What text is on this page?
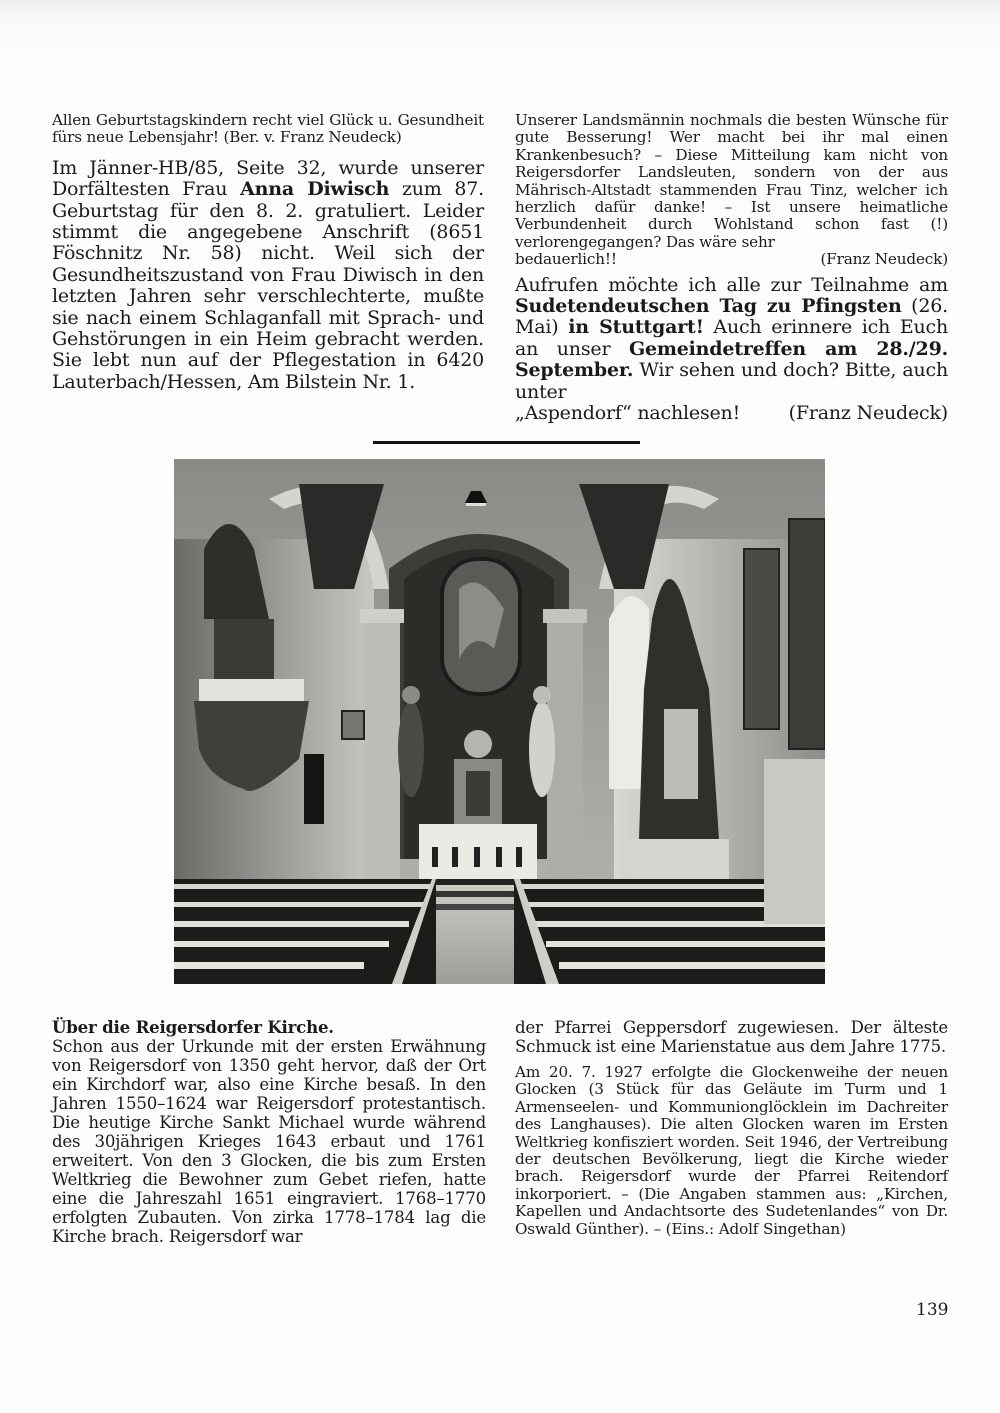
Allen Geburtstagskindern recht viel Glück u. Gesundheit fürs neue Lebensjahr! (Ber. v. Franz Neudeck)

Im Jänner-HB/85, Seite 32, wurde unserer Dorfältesten Frau Anna Diwisch zum 87. Geburtstag für den 8. 2. gratuliert. Leider stimmt die angegebene Anschrift (8651 Föschnitz Nr. 58) nicht. Weil sich der Gesundheitszustand von Frau Diwisch in den letzten Jahren sehr verschlechterte, mußte sie nach einem Schlaganfall mit Sprach- und Gehstörungen in ein Heim gebracht werden. Sie lebt nun auf der Pflegestation in 6420 Lauterbach/Hessen, Am Bilstein Nr. 1.

Unserer Landsmännin nochmals die besten Wünsche für gute Besserung! Wer macht bei ihr mal einen Krankenbesuch? – Diese Mitteilung kam nicht von Reigersdorfer Landsleuten, sondern von der aus Mährisch-Altstadt stammenden Frau Tinz, welcher ich herzlich dafür danke! – Ist unsere heimatliche Verbundenheit durch Wohlstand schon fast (!) verlorengegangen? Das wäre sehr

bedauerlich!!	(Franz Neudeck)

Aufrufen möchte ich alle zur Teilnahme am Sudetendeutschen Tag zu Pfingsten (26. Mai) in Stuttgart! Auch erinnere ich Euch an unser Gemeindetreffen am 28./29. September. Wir sehen und doch? Bitte, auch unter

„Aspendorf“ nachlesen!	(Franz Neudeck)

Über die Reigersdorfer Kirche.

Schon aus der Urkunde mit der ersten Erwähnung von Reigersdorf von 1350 geht hervor, daß der Ort ein Kirchdorf war, also eine Kirche besaß. In den Jahren 1550–1624 war Reigersdorf protestantisch. Die heutige Kirche Sankt Michael wurde während des 30jährigen Krieges 1643 erbaut und 1761 erweitert. Von den 3 Glocken, die bis zum Ersten Weltkrieg die Bewohner zum Gebet riefen, hatte eine die Jahreszahl 1651 eingraviert. 1768–1770 erfolgten Zubauten. Von zirka 1778–1784 lag die Kirche brach. Reigersdorf war

der Pfarrei Geppersdorf zugewiesen. Der älteste Schmuck ist eine Marienstatue aus dem Jahre 1775.

Am 20. 7. 1927 erfolgte die Glockenweihe der neuen Glocken (3 Stück für das Geläute im Turm und 1 Armenseelen- und Kommunionglöcklein im Dachreiter des Langhauses). Die alten Glocken waren im Ersten Weltkrieg konfisziert worden. Seit 1946, der Vertreibung der deutschen Bevölkerung, liegt die Kirche wieder brach. Reigersdorf wurde der Pfarrei Reitendorf inkorporiert. – (Die Angaben stammen aus: „Kirchen, Kapellen und Andachtsorte des Sudetenlandes“ von Dr. Oswald Günther). – (Eins.: Adolf Singethan)

139
